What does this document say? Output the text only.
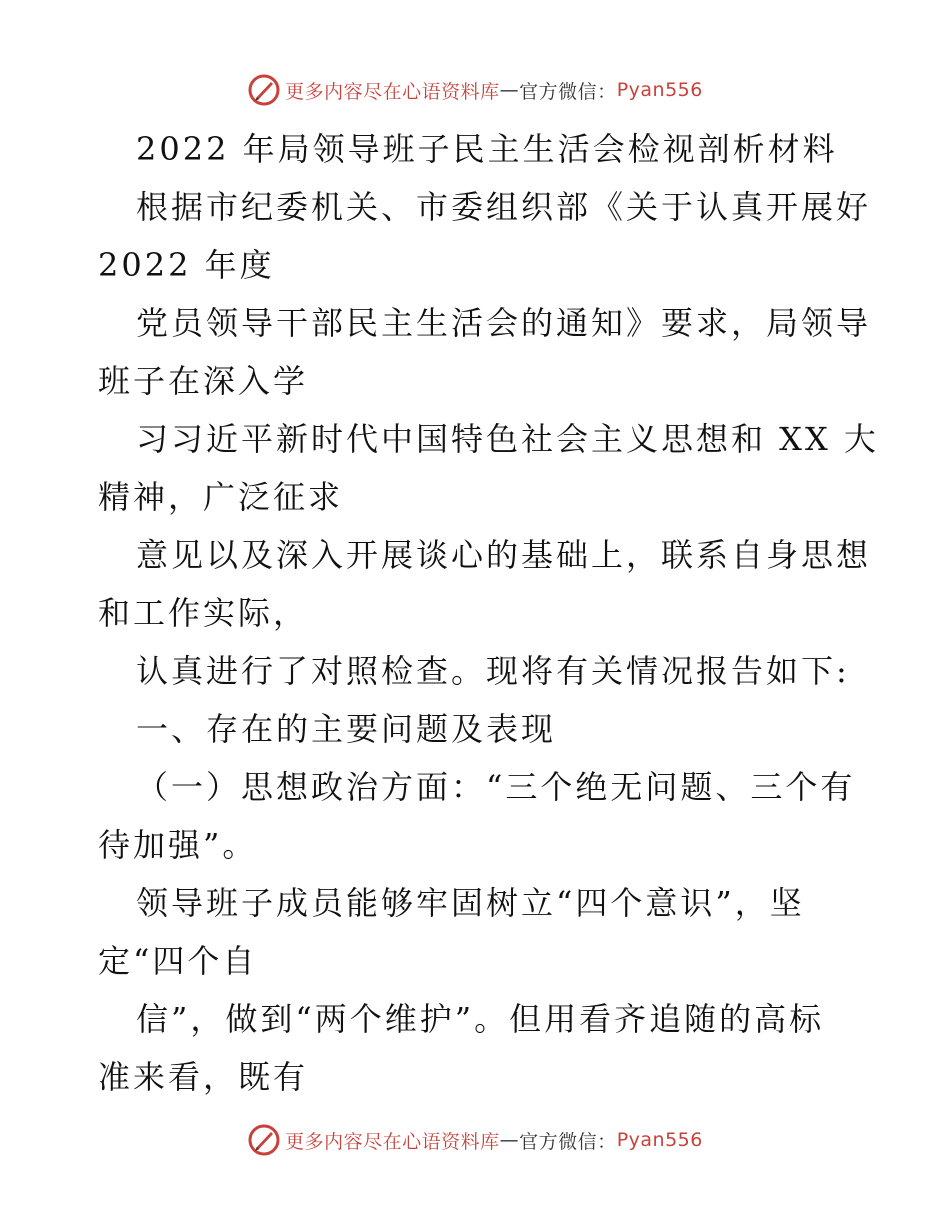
更多内容尽在心语资料库 — 官方微信： Pyan556
2022 年局领导班子民主生活会检视剖析材料
根据市纪委机关、市委组织部《关于认真开展好
2022 年度
党员领导干部民主生活会的通知》要求，局领导
班子在深入学
习习近平新时代中国特色社会主义思想和 XX 大
精神，广泛征求
意见以及深入开展谈心的基础上，联系自身思想
和工作实际，
认真进行了对照检查。现将有关情况报告如下:
一、存在的主要问题及表现
（一）思想政治方面：“三个绝无问题、三个有
待加强”。
领导班子成员能够牢固树立“四个意识”，坚
定“四个自
信”，做到“两个维护”。但用看齐追随的高标
准来看，既有
更多内容尽在心语资料库 — 官方微信： Pyan556
